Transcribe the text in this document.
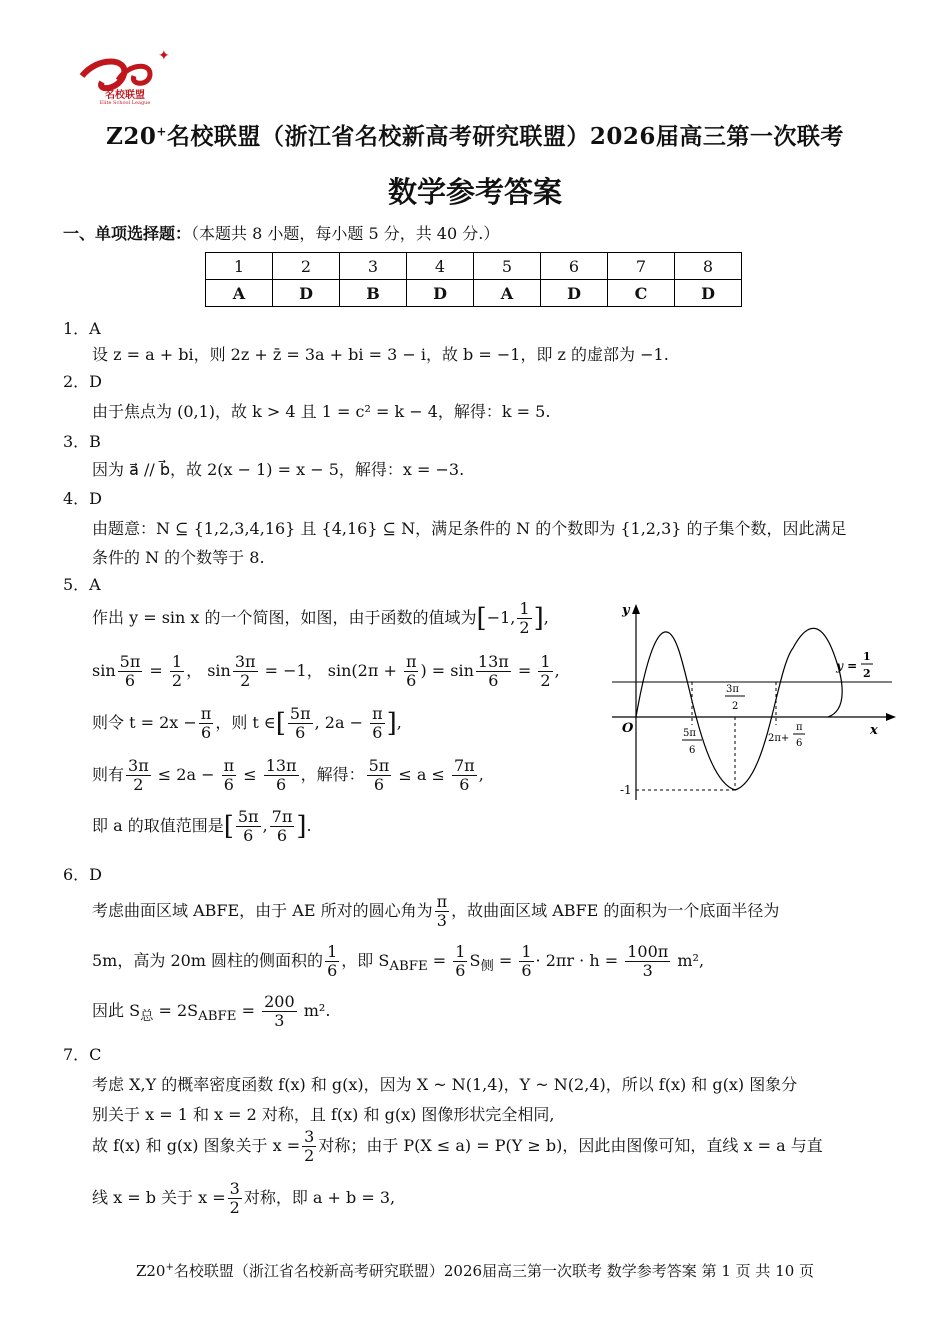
✦
名校联盟
Elite School League
Z20+名校联盟（浙江省名校新高考研究联盟）2026届高三第一次联考
数学参考答案
一、单项选择题：（本题共 8 小题，每小题 5 分，共 40 分.）
1	2	3	4	5	6	7	8
A	D	B	D	A	D	C	D
1．A
设 z = a + bi，则 2z + z̄ = 3a + bi = 3 − i，故 b = −1，即 z 的虚部为 −1.
2．D
由于焦点为 (0,1)，故 k > 4 且 1 = c² = k − 4，解得：k = 5.
3．B
因为 a⃗ // b⃗，故 2(x − 1) = x − 5，解得：x = −3.
4．D
由题意：N ⊆ {1,2,3,4,16} 且 {4,16} ⊆ N，满足条件的 N 的个数即为 {1,2,3} 的子集个数，因此满足
条件的 N 的个数等于 8.
5．A
作出 y = sin x 的一个简图，如图，由于函数的值域为[−1, $\frac{1}{2}$ ],
$\sin \frac{5\pi}{6} = \frac{1}{2}$ ， $\sin \frac{3\pi}{2} = -1$， $\sin(2\pi + \frac{\pi}{6}$ ) = $\sin \frac{13\pi}{6} = \frac{1}{2}$ ,
则令 $t = 2x - \frac{\pi}{6}$ ，则 t ∈[ $\frac{5\pi}{6}$ , $2a - \frac{\pi}{6}$ ],
则有 $\frac{3\pi}{2} \le 2a - \frac{\pi}{6} \le \frac{13\pi}{6}$ ，解得： $\frac{5\pi}{6} \le a \le \frac{7\pi}{6}$ ,
即 a 的取值范围是[ $\frac{5\pi}{6}$ , $\frac{7\pi}{6}$ ].
y
x
O
-1
y =
1
2
5π
6
3π
2
2π+
π
6
6．D
考虑曲面区域 ABFE，由于 AE 所对的圆心角为 $\frac{\pi}{3}$ ，故曲面区域 ABFE 的面积为一个底面半径为
5m，高为 20m 圆柱的侧面积的 $\frac{1}{6}$ ，即 $S_{ABFE} = \frac{1}{6} S_侧 = \frac{1}{6} \cdot 2\pi r \cdot h = \frac{100\pi}{3} m^2$,
因此 $S_总 = 2S_{ABFE} = \frac{200}{3} m^2$.
7．C
考虑 X,Y 的概率密度函数 f(x) 和 g(x)，因为 X ~ N(1,4)，Y ~ N(2,4)，所以 f(x) 和 g(x) 图象分
别关于 x = 1 和 x = 2 对称，且 f(x) 和 g(x) 图像形状完全相同,
故 f(x) 和 g(x) 图象关于 $x = \frac{3}{2}$ 对称；由于 P(X ≤ a) = P(Y ≥ b)，因此由图像可知，直线 x = a 与直
线 x = b 关于 $x = \frac{3}{2}$ 对称，即 a + b = 3,
Z20+名校联盟（浙江省名校新高考研究联盟）2026届高三第一次联考 数学参考答案 第 1 页 共 10 页
